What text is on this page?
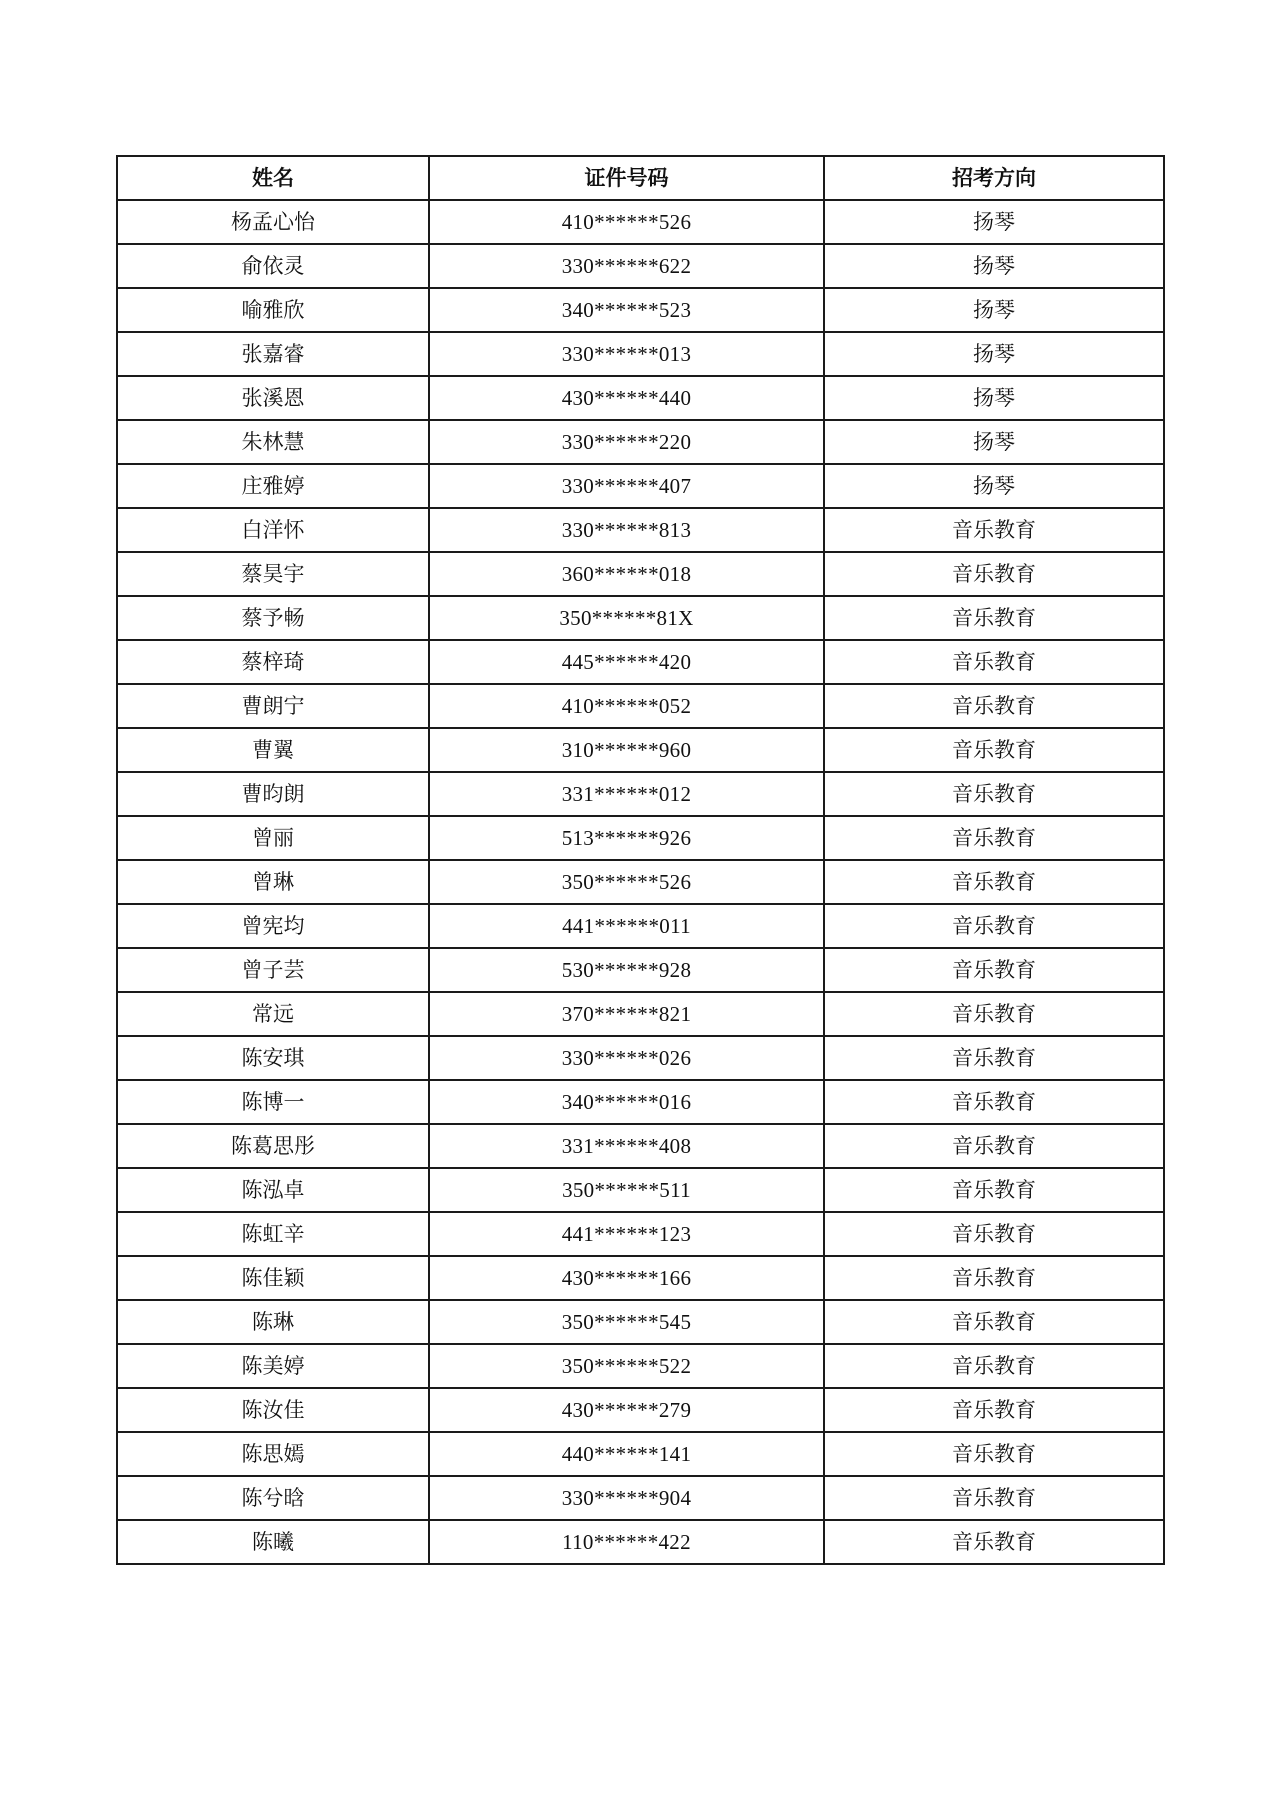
姓名	证件号码	招考方向
杨孟心怡	410******526	扬琴
俞依灵	330******622	扬琴
喻雅欣	340******523	扬琴
张嘉睿	330******013	扬琴
张溪恩	430******440	扬琴
朱林慧	330******220	扬琴
庄雅婷	330******407	扬琴
白洋怀	330******813	音乐教育
蔡昊宇	360******018	音乐教育
蔡予畅	350******81X	音乐教育
蔡梓琦	445******420	音乐教育
曹朗宁	410******052	音乐教育
曹翼	310******960	音乐教育
曹昀朗	331******012	音乐教育
曾丽	513******926	音乐教育
曾琳	350******526	音乐教育
曾宪均	441******011	音乐教育
曾子芸	530******928	音乐教育
常远	370******821	音乐教育
陈安琪	330******026	音乐教育
陈博一	340******016	音乐教育
陈葛思彤	331******408	音乐教育
陈泓卓	350******511	音乐教育
陈虹辛	441******123	音乐教育
陈佳颖	430******166	音乐教育
陈琳	350******545	音乐教育
陈美婷	350******522	音乐教育
陈汝佳	430******279	音乐教育
陈思嫣	440******141	音乐教育
陈兮晗	330******904	音乐教育
陈曦	110******422	音乐教育
